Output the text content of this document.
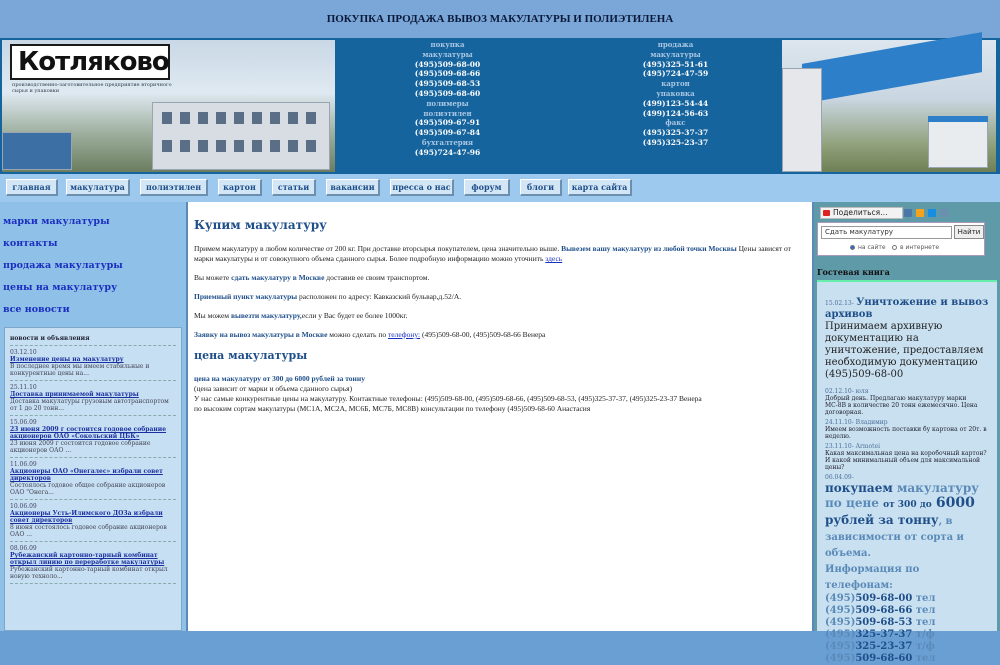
ПОКУПКА ПРОДАЖА ВЫВОЗ МАКУЛАТУРЫ И ПОЛИЭТИЛЕНА
Котляково
производственно-заготовительное предприятие вторичного сырья и упаковки
покупка
макулатуры
(495)509-68-00
(495)509-68-66
(495)509-68-53
(495)509-68-60
полимеры
полиэтилен
(495)509-67-91
(495)509-67-84
бухгалтерия
(495)724-47-96
продажа
макулатуры
(495)325-51-61
(495)724-47-59
картон
упаковка
(499)123-54-44
(499)124-56-63
факс
(495)325-37-37
(495)325-23-37
главная	макулатура	полиэтилен	картон	статьи	вакансии	пресса о нас	форум	блоги	карта сайта
марки макулатуры
контакты
продажа макулатуры
цены на макулатуру
все новости
новости и объявления
03.12.10
Изменение цены на макулатуру
В последнее время мы имеем стабильные и конкурентные цены на...
25.11.10
Доставка принимаемой макулатуры
Доставка макулатуры грузовым автотранспортом от 1 до 20 тонн...
15.06.09
23 июня 2009 г состоится годовое собрание акционеров ОАО «Сокольский ЦБК»
23 июня 2009 г состоится годовое собрание акционеров ОАО ...
11.06.09
Акционеры ОАО «Онегалес» избрали совет директоров
Состоялось годовое общее собрание акционеров ОАО "Онега...
10.06.09
Акционеры Усть-Илимского ДОЗа избрали совет директоров
8 июня состоялось годовое собрание акционеров ОАО ...
08.06.09
Рубежанский картонно-тарный комбинат открыл линию по переработке макулатуры
Рубежанский картонно-тарный комбинат открыл новую техноло...
Купим макулатуру

Примем макулатуру в любом количестве от 200 кг. При доставке вторсырья покупателем, цена значительно выше. Вывезем вашу макулатуру из любой точки Москвы Цены зависят от марки макулатуры и от совокупного объема сданного сырья. Более подробную информацию можно уточнить здесь

Вы можете сдать макулатуру в Москве доставив ее своим транспортом.

Приемный пункт макулатуры расположен по адресу: Кавказский бульвар,д.52/А.

Мы можем вывезти макулатуру,если у Вас будет ее более 1000кг.

Заявку на вывоз макулатуры в Москве можно сделать по телефону: (495)509-68-00, (495)509-68-66 Венера

цена макулатуры

цена на макулатуру от 300 до 6000 рублей за тонну
(цена зависит от марки и объема сданного сырья)
У нас самые конкурентные цены на макулатуру. Контактные телефоны: (495)509-68-00, (495)509-68-66, (495)509-68-53, (495)325-37-37, (495)325-23-37 Венера
по высоким сортам макулатуры (МС1А, МС2А, МС6Б, МС7Б, МС8В) консультации по телефону (495)509-68-60 Анастасия

Поделиться…
Сдать макулатуру	Найти
на сайте	в интернете
Гостевая книга
15.02.13- Уничтожение и вывоз архивов
Принимаем архивную документацию на уничтожение, предоставляем необходимую документацию (495)509-68-00
02.12.10- юля
Добрый день. Предлагаю макулатуру марки МС-8В в количестве 20 тонн ежемесячно. Цена договорная.
24.11.10- Владимир
Имеем возможность поставки бу картона от 20т. в неделю.
23.11.10- Armotei
Какая максимальная цена на коробочный картон? И какой минимальный объем для максимальной цены?
06.04.09-
покупаем макулатуру по цене от 300 до 6000
рублей за тонну, в зависимости от сорта и объема.
Информация по телефонам:
(495)509-68-00 тел
(495)509-68-66 тел
(495)509-68-53 тел
(495)325-37-37 т/ф
(495)325-23-37 т/ф
(495)509-68-60 тел
